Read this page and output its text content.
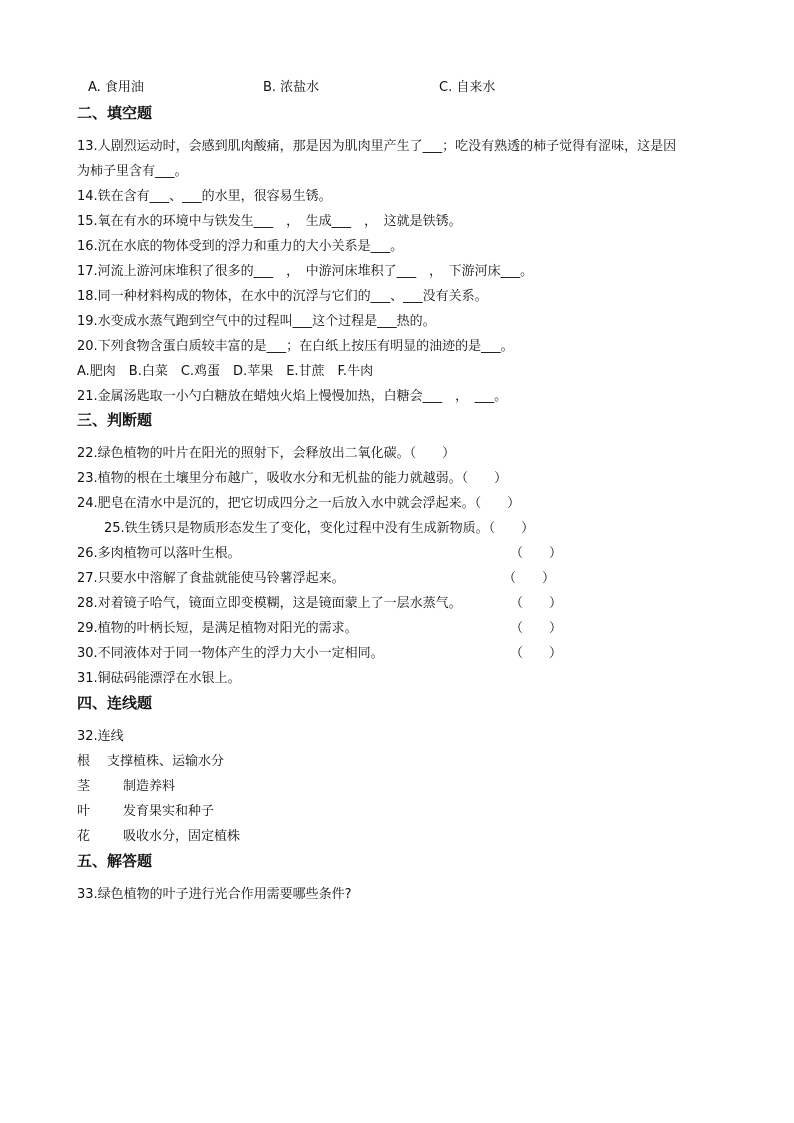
A. 食用油	B. 浓盐水	C. 自来水
二、填空题
13.人剧烈运动时，会感到肌肉酸痛，那是因为肌肉里产生了___；吃没有熟透的柿子觉得有涩味，这是因
为柿子里含有___。
14.铁在含有___、___的水里，很容易生锈。
15.氧在有水的环境中与铁发生___　，　生成___　，　这就是铁锈。
16.沉在水底的物体受到的浮力和重力的大小关系是___。
17.河流上游河床堆积了很多的___　，　中游河床堆积了___　，　下游河床___。
18.同一种材料构成的物体，在水中的沉浮与它们的___、___没有关系。
19.水变成水蒸气跑到空气中的过程叫___这个过程是___热的。
20.下列食物含蛋白质较丰富的是___；在白纸上按压有明显的油迹的是___。
A.肥肉　B.白菜　C.鸡蛋　D.苹果　E.甘蔗　F.牛肉
21.金属汤匙取一小勺白糖放在蜡烛火焰上慢慢加热，白糖会___　，　___。
三、判断题
22.绿色植物的叶片在阳光的照射下，会释放出二氧化碳。（　　）
23.植物的根在土壤里分布越广，吸收水分和无机盐的能力就越弱。（　　）
24.肥皂在清水中是沉的，把它切成四分之一后放入水中就会浮起来。（　　）
25.铁生锈只是物质形态发生了变化，变化过程中没有生成新物质。（　　）
26.多肉植物可以落叶生根。	（　　）
27.只要水中溶解了食盐就能使马铃薯浮起来。	（　　）
28.对着镜子哈气，镜面立即变模糊，这是镜面蒙上了一层水蒸气。	（　　）
29.植物的叶柄长短，是满足植物对阳光的需求。	（　　）
30.不同液体对于同一物体产生的浮力大小一定相同。	（　　）
31.铜砝码能漂浮在水银上。
四、连线题
32.连线
根 支撑植株、运输水分
茎	制造养料
叶	发育果实和种子
花	吸收水分，固定植株
五、解答题
33.绿色植物的叶子进行光合作用需要哪些条件?
